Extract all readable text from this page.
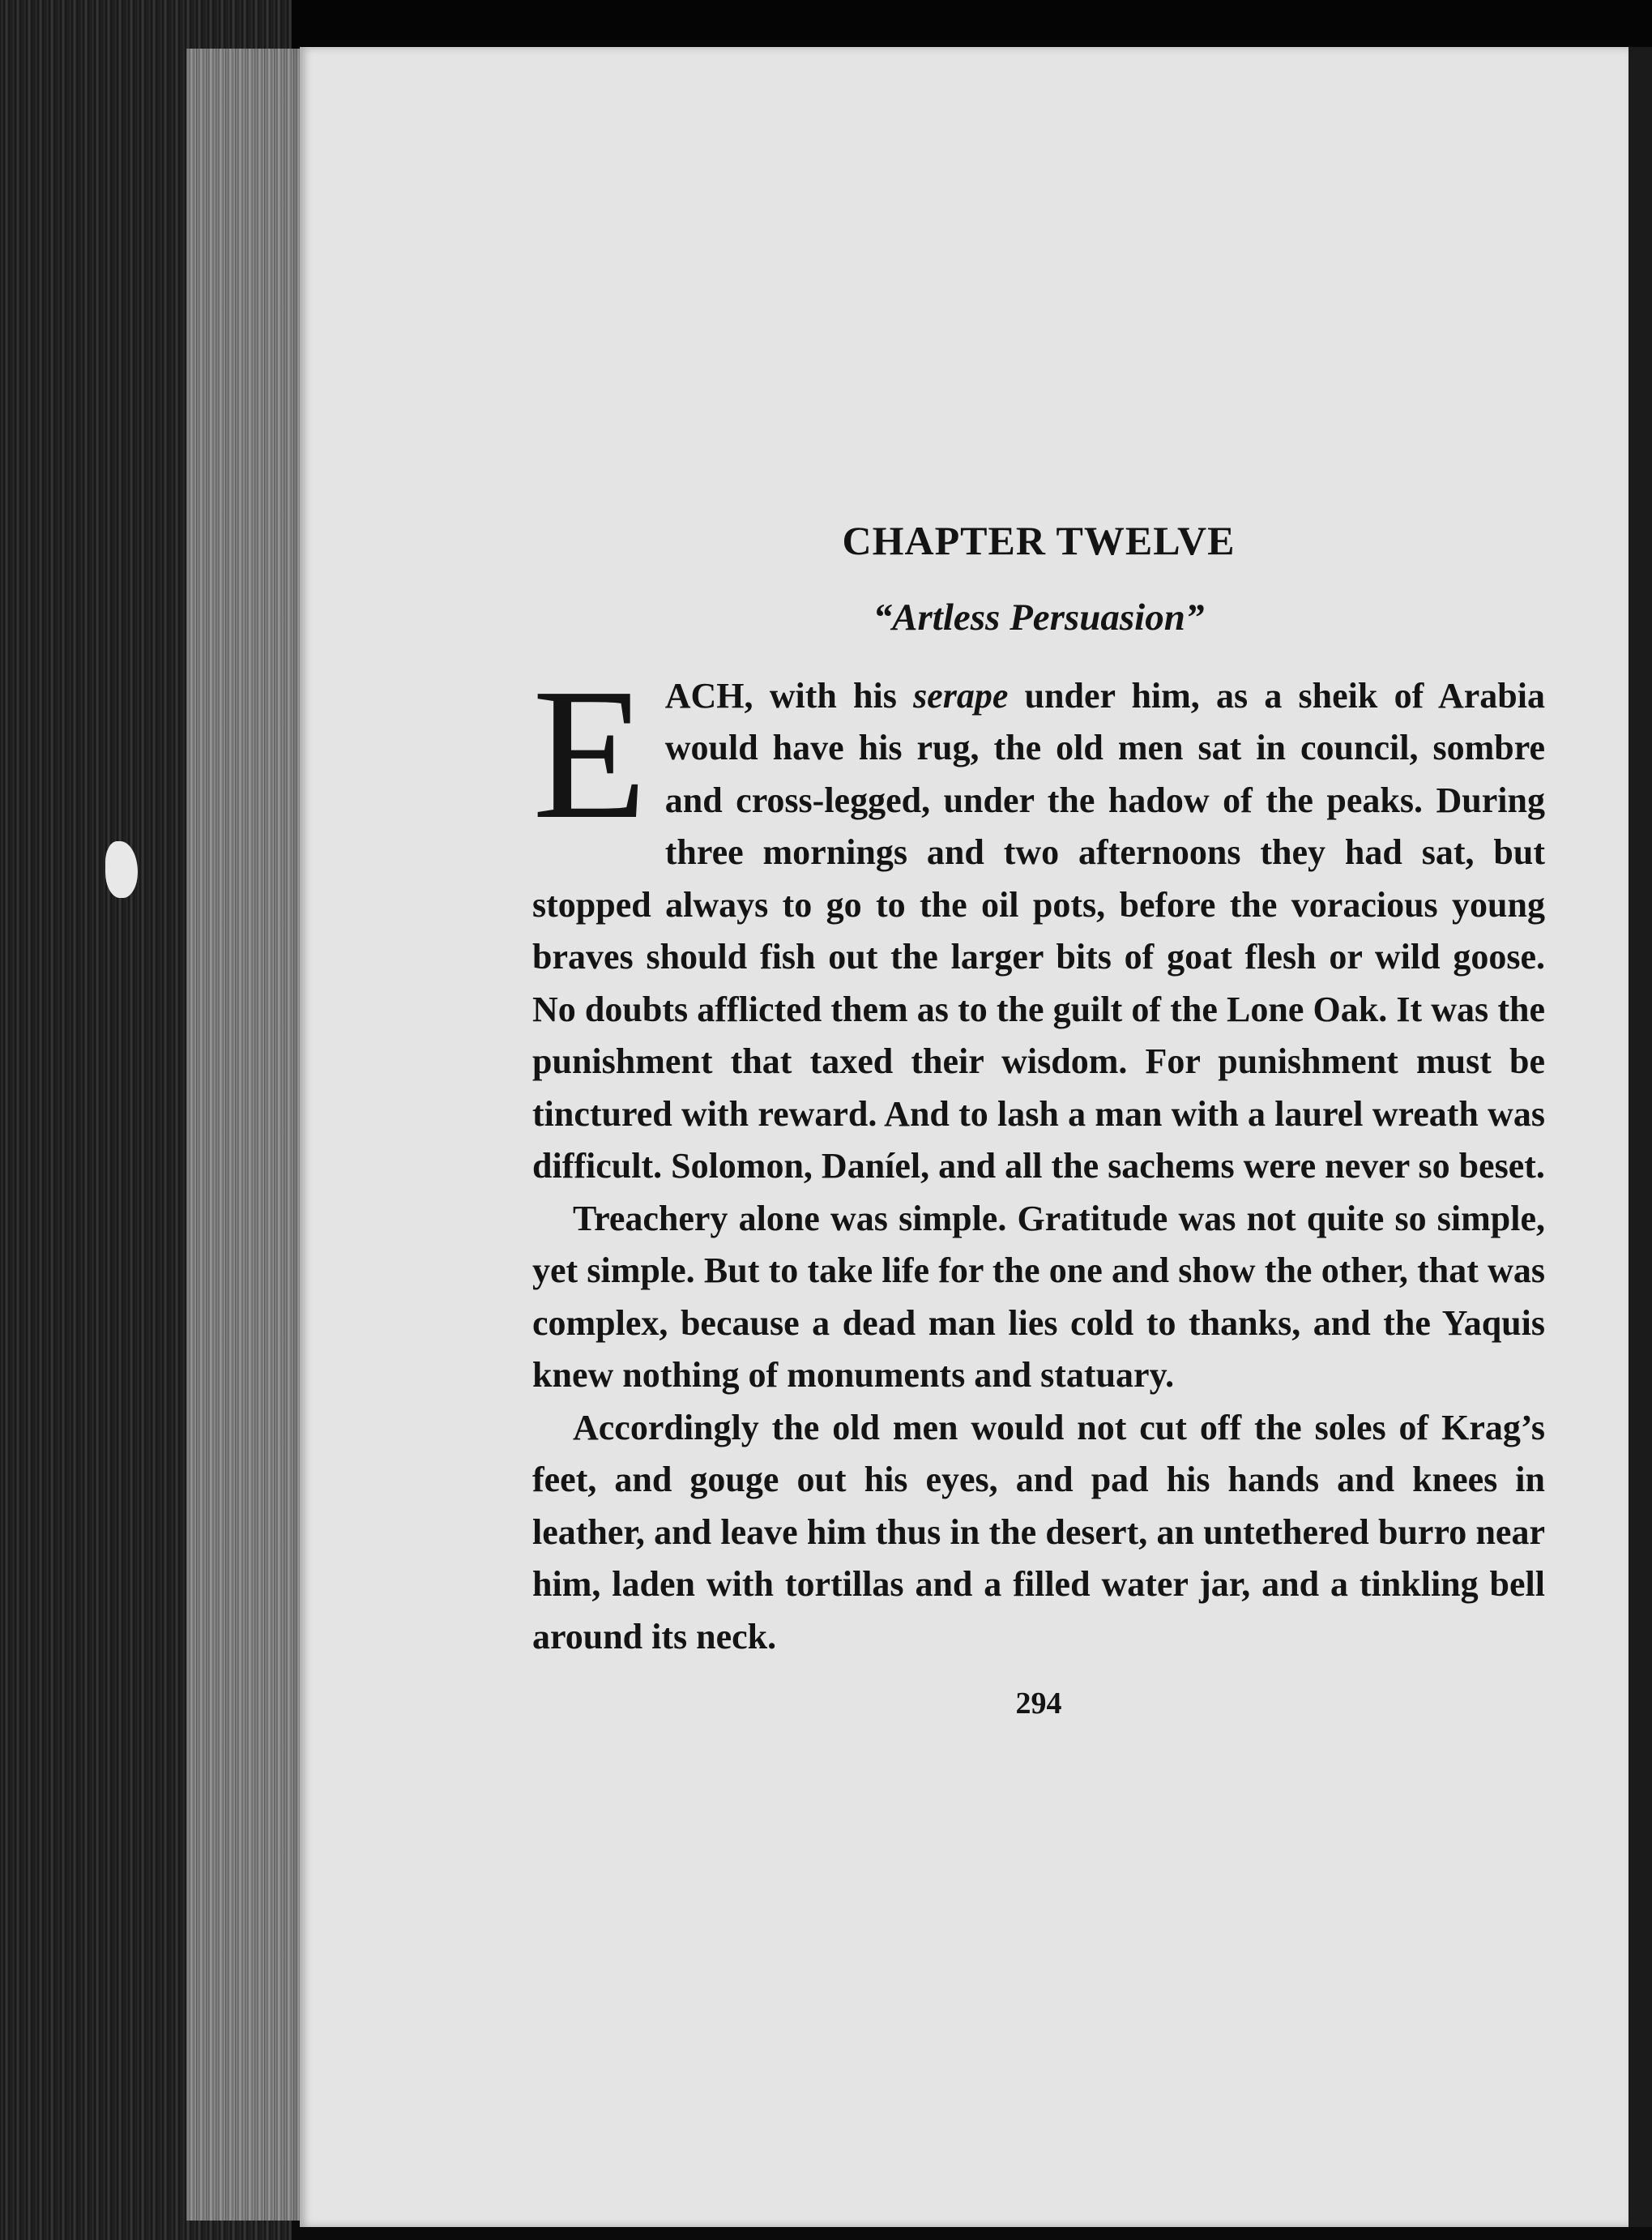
CHAPTER TWELVE
“Artless Persuasion”

EACH, with his serape under him, as a sheik of Arabia would have his rug, the old men sat in council, sombre and cross-legged, under the hadow of the peaks. During three mornings and two afternoons they had sat, but stopped always to go to the oil pots, before the voracious young braves should fish out the larger bits of goat flesh or wild goose. No doubts afflicted them as to the guilt of the Lone Oak. It was the punishment that taxed their wisdom. For punishment must be tinctured with reward. And to lash a man with a laurel wreath was difficult. Solomon, Daníel, and all the sachems were never so beset.

Treachery alone was simple. Gratitude was not quite so simple, yet simple. But to take life for the one and show the other, that was complex, because a dead man lies cold to thanks, and the Yaquis knew nothing of monuments and statuary.

Accordingly the old men would not cut off the soles of Krag’s feet, and gouge out his eyes, and pad his hands and knees in leather, and leave him thus in the desert, an untethered burro near him, laden with tortillas and a filled water jar, and a tinkling bell around its neck.

294
